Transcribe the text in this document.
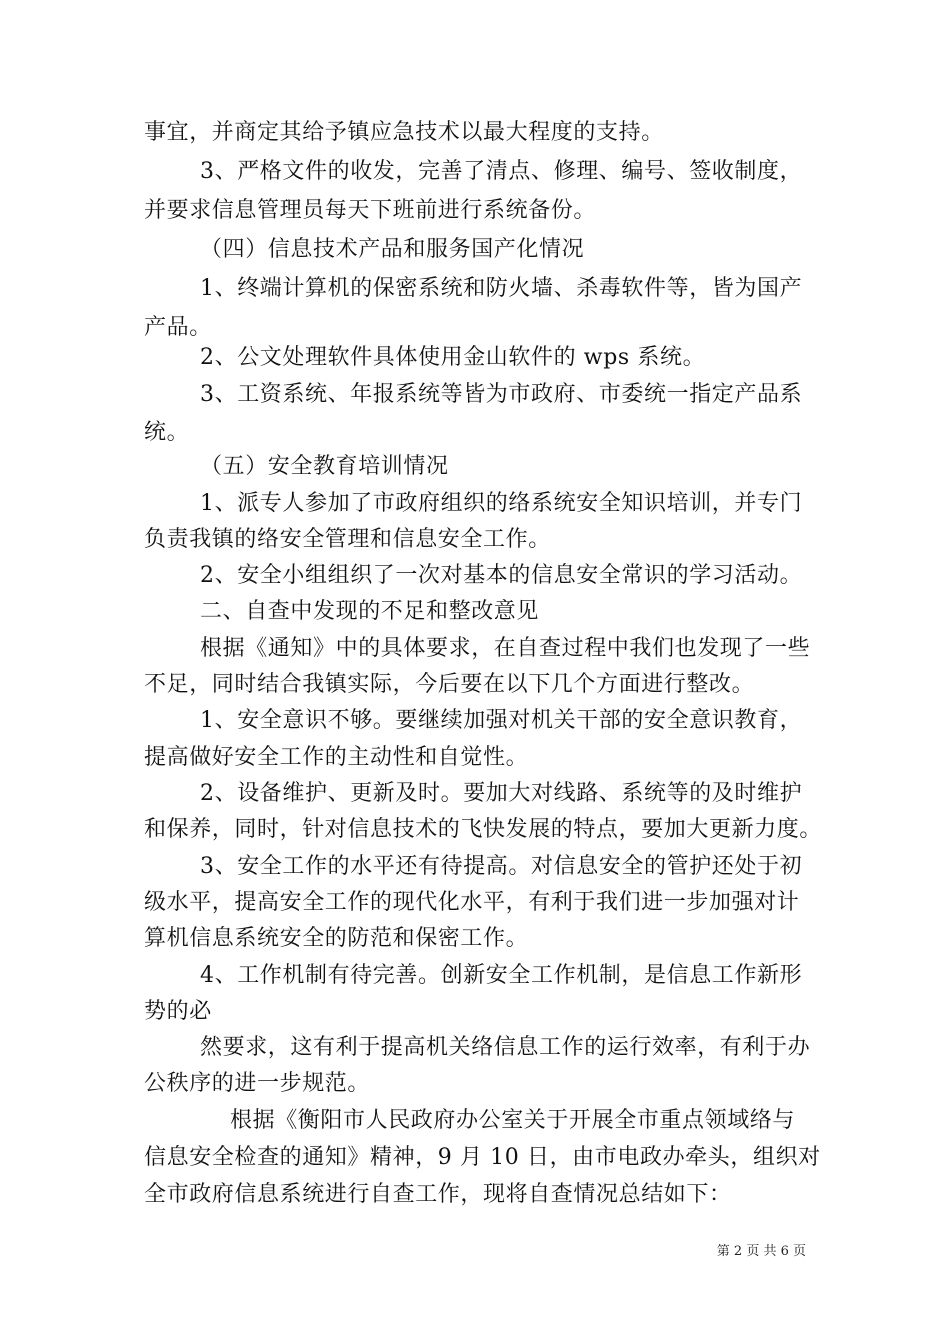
事宜，并商定其给予镇应急技术以最大程度的支持。
3、严格文件的收发，完善了清点、修理、编号、签收制度，
并要求信息管理员每天下班前进行系统备份。
（四）信息技术产品和服务国产化情况
1、终端计算机的保密系统和防火墙、杀毒软件等，皆为国产
产品。
2、公文处理软件具体使用金山软件的 wps 系统。
3、工资系统、年报系统等皆为市政府、市委统一指定产品系
统。
（五）安全教育培训情况
1、派专人参加了市政府组织的络系统安全知识培训，并专门
负责我镇的络安全管理和信息安全工作。
2、安全小组组织了一次对基本的信息安全常识的学习活动。
二、自查中发现的不足和整改意见
根据《通知》中的具体要求，在自查过程中我们也发现了一些
不足，同时结合我镇实际，今后要在以下几个方面进行整改。
1、安全意识不够。要继续加强对机关干部的安全意识教育，
提高做好安全工作的主动性和自觉性。
2、设备维护、更新及时。要加大对线路、系统等的及时维护
和保养，同时，针对信息技术的飞快发展的特点，要加大更新力度。
3、安全工作的水平还有待提高。对信息安全的管护还处于初
级水平，提高安全工作的现代化水平，有利于我们进一步加强对计
算机信息系统安全的防范和保密工作。
4、工作机制有待完善。创新安全工作机制，是信息工作新形
势的必
然要求，这有利于提高机关络信息工作的运行效率，有利于办
公秩序的进一步规范。
根据《衡阳市人民政府办公室关于开展全市重点领域络与
信息安全检查的通知》精神，9 月 10 日，由市电政办牵头，组织对
全市政府信息系统进行自查工作，现将自查情况总结如下：
第 2 页 共 6 页
